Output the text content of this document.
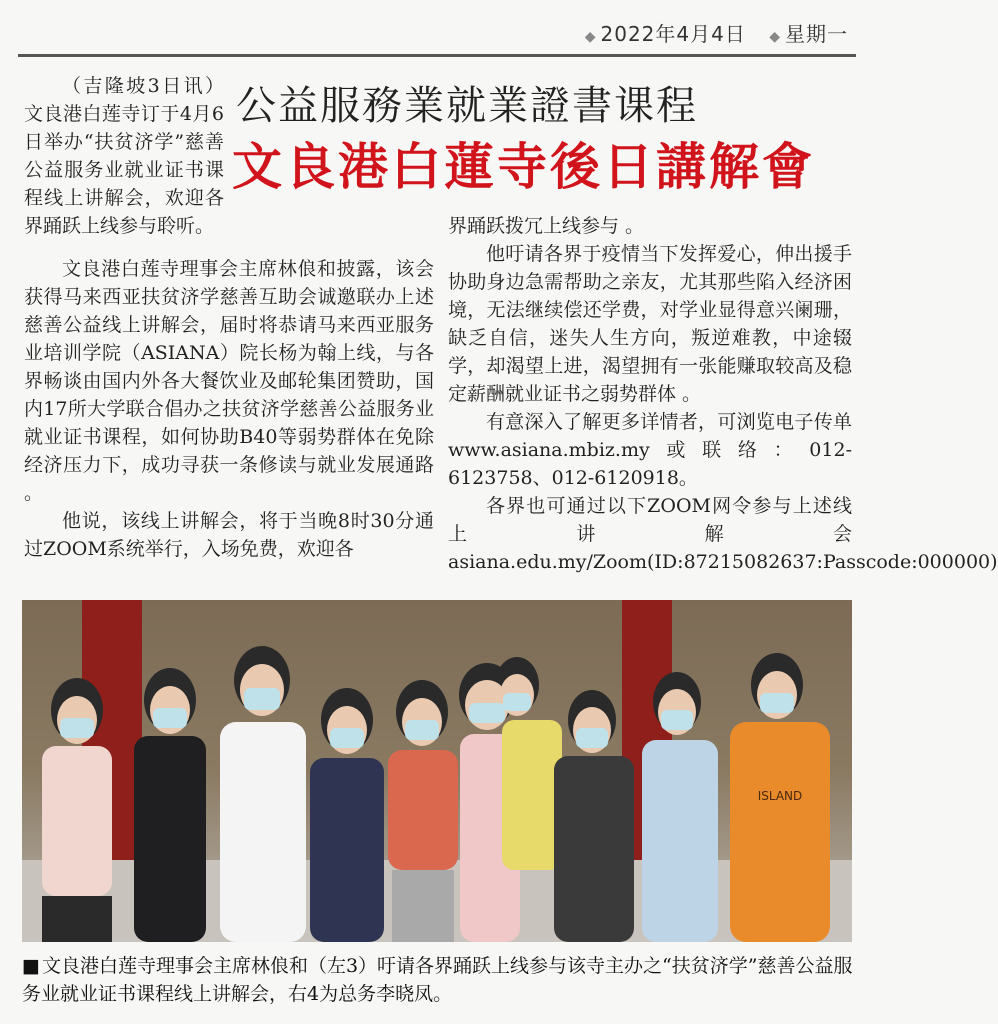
◆ 2022年4月4日 ◆ 星期一
公益服務業就業證書课程
文良港白蓮寺後日講解會

（吉隆坡3日讯）文良港白莲寺订于4月6日举办“扶贫济学”慈善公益服务业就业证书课程线上讲解会，欢迎各界踊跃上线参与聆听。

文良港白莲寺理事会主席林俍和披露，该会获得马来西亚扶贫济学慈善互助会诚邀联办上述慈善公益线上讲解会，届时将恭请马来西亚服务业培训学院（ASIANA）院长杨为翰上线，与各界畅谈由国内外各大餐饮业及邮轮集团赞助，国内17所大学联合倡办之扶贫济学慈善公益服务业就业证书课程，如何协助B40等弱势群体在免除经济压力下，成功寻获一条修读与就业发展通路 。

他说，该线上讲解会，将于当晚8时30分通过ZOOM系统举行，入场免费，欢迎各

界踊跃拨冗上线参与 。

他吁请各界于疫情当下发挥爱心，伸出援手协助身边急需帮助之亲友，尤其那些陷入经济困境，无法继续偿还学费，对学业显得意兴阑珊，缺乏自信，迷失人生方向，叛逆难教，中途辍学，却渴望上进，渴望拥有一张能赚取较高及稳定薪酬就业证书之弱势群体 。

有意深入了解更多详情者，可浏览电子传单www.asiana.mbiz.my或联络：012-6123758、012-6120918。

各界也可通过以下ZOOM网令参与上述线上讲解会asiana.edu.my/Zoom(ID:87215082637:Passcode:000000)

ISLAND
■ 文良港白莲寺理事会主席林俍和（左3）吁请各界踊跃上线参与该寺主办之“扶贫济学”慈善公益服务业就业证书课程线上讲解会，右4为总务李晓凤。
